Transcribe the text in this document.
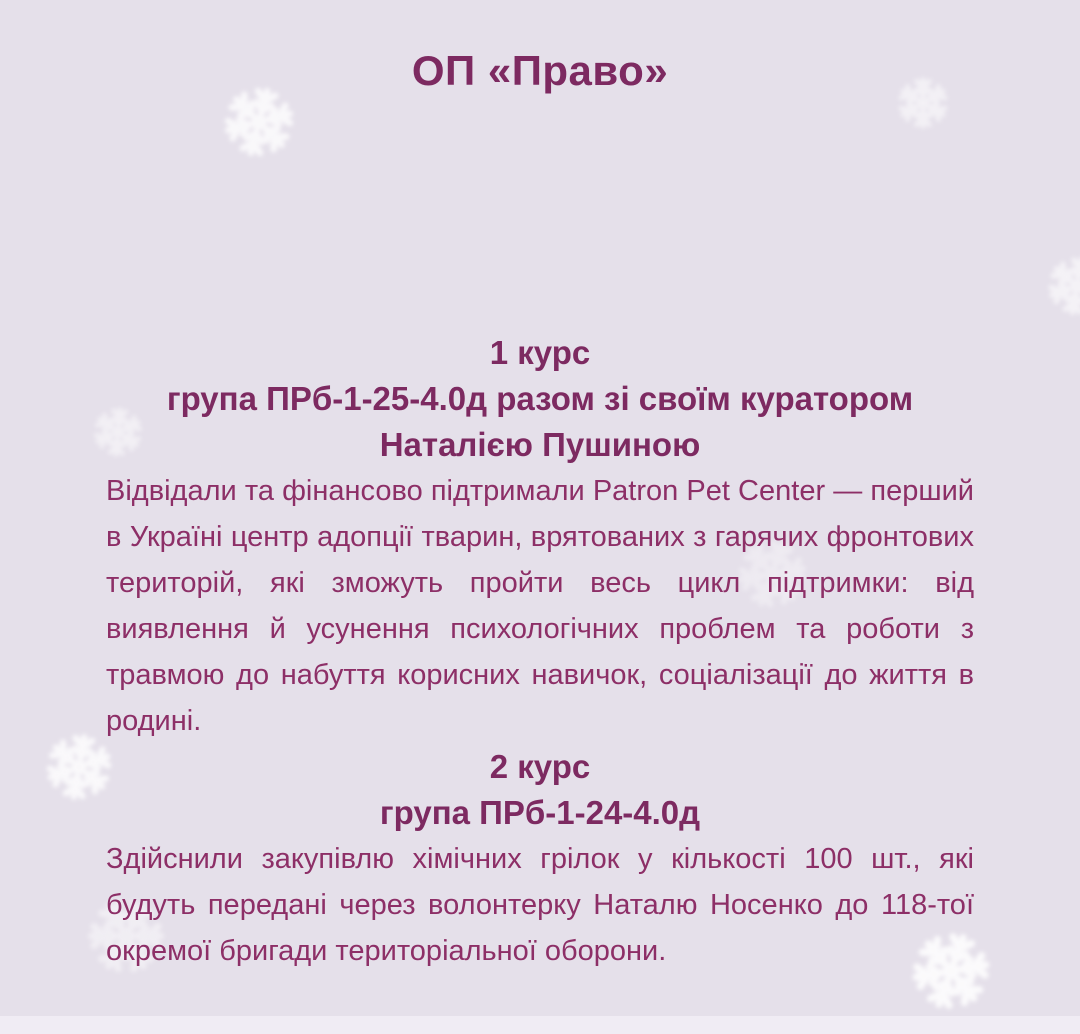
ОП «Право»
1 курс
група ПРб-1-25-4.0д разом зі своїм куратором
Наталією Пушиною

Відвідали та фінансово підтримали Patron Pet Center — перший в Україні центр адопції тварин, врятованих з гарячих фронтових територій, які зможуть пройти весь цикл підтримки: від виявлення й усунення психологічних проблем та роботи з травмою до набуття корисних навичок, соціалізації до життя в родині.

2 курс
група ПРб-1-24-4.0д

Здійснили закупівлю хімічних грілок у кількості 100 шт., які будуть передані через волонтерку Наталю Носенко до 118-тої окремої бригади територіальної оборони.
